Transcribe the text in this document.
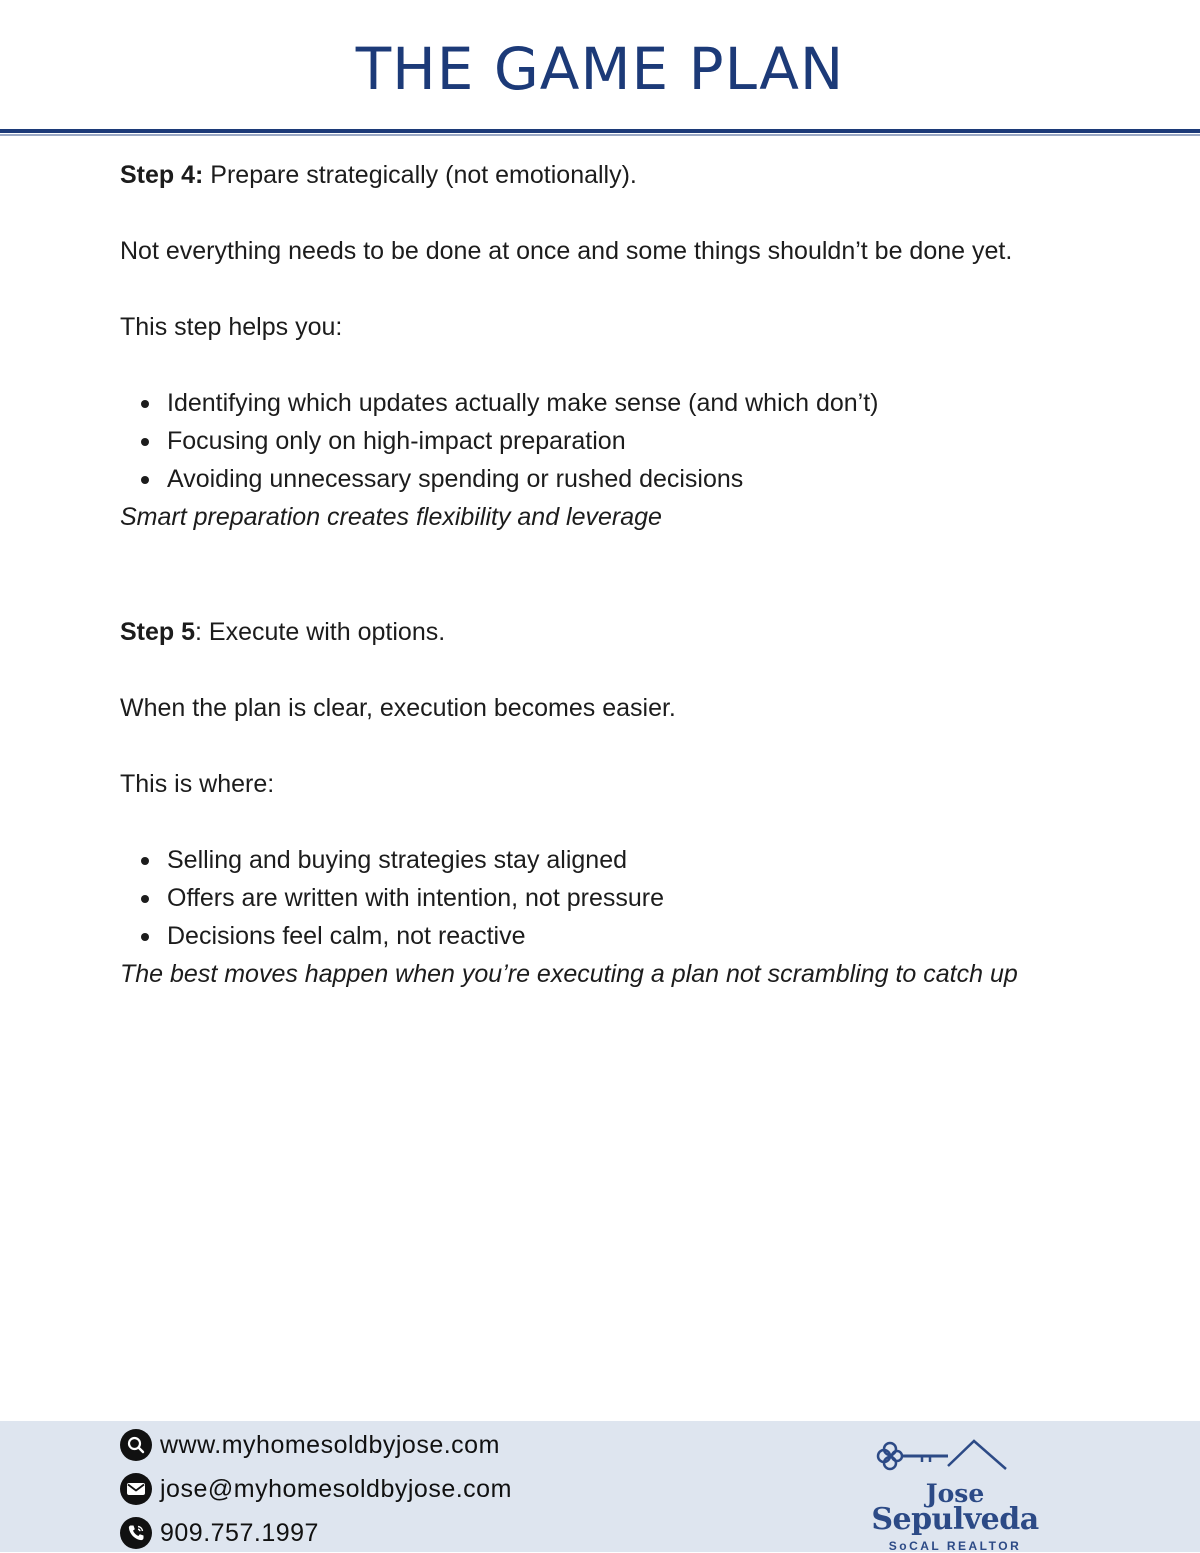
THE GAME PLAN

Step 4: Prepare strategically (not emotionally).

Not everything needs to be done at once and some things shouldn’t be done yet.

This step helps you:

Identifying which updates actually make sense (and which don’t)
Focusing only on high-impact preparation
Avoiding unnecessary spending or rushed decisions

Smart preparation creates flexibility and leverage

Step 5: Execute with options.

When the plan is clear, execution becomes easier.

This is where:

Selling and buying strategies stay aligned
Offers are written with intention, not pressure
Decisions feel calm, not reactive

The best moves happen when you’re executing a plan not scrambling to catch up

www.myhomesoldbyjose.com
jose@myhomesoldbyjose.com
909.757.1997
Jose
Sepulveda
SoCAL REALTOR
